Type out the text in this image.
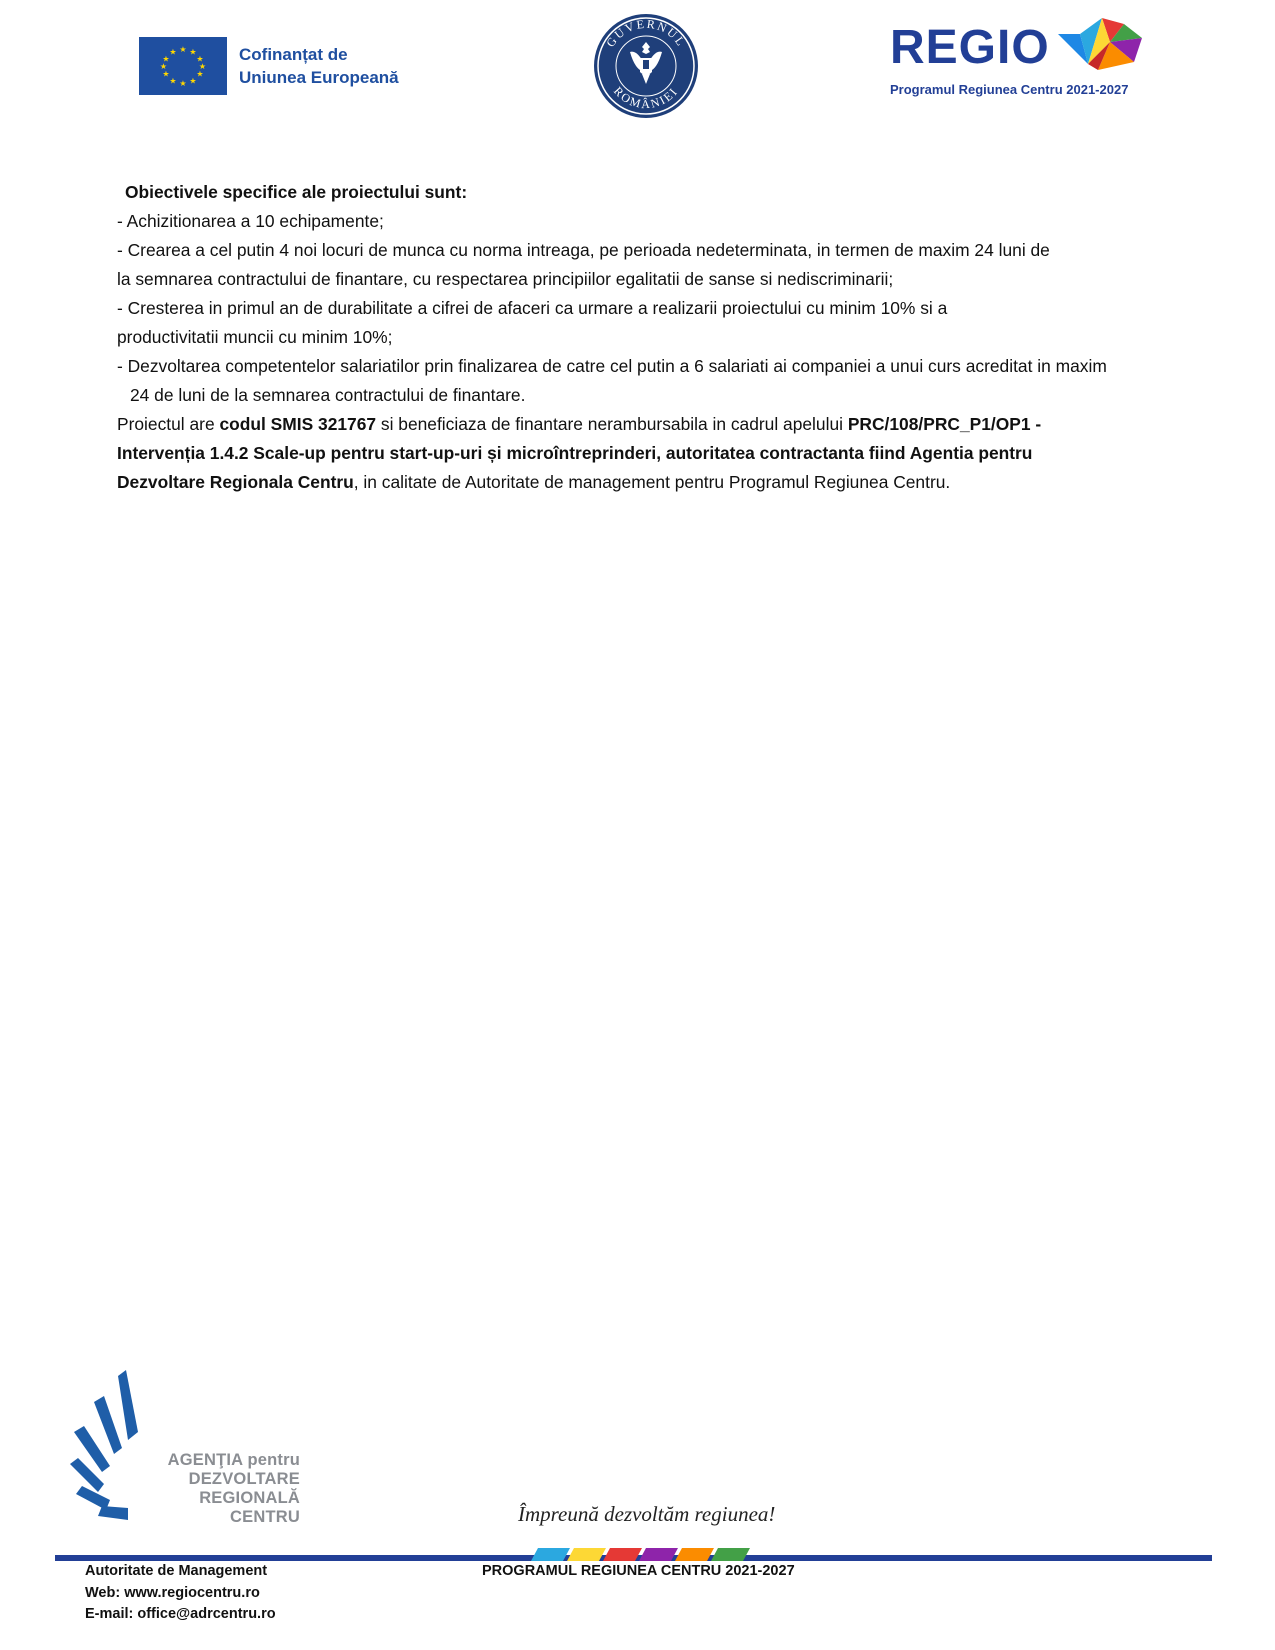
★ ★
★
★
★
★
★
★
★
★
★
★	Cofinanțat de
Uniunea Europeană
GUVERNUL
ROMÂNIEI
REGIO
Programul Regiunea Centru 2021-2027

Obiectivele specifice ale proiectului sunt:

- Achizitionarea a 10 echipamente;

- Crearea a cel putin 4 noi locuri de munca cu norma intreaga, pe perioada nedeterminata, in termen de maxim 24 luni de

la semnarea contractului de finantare, cu respectarea principiilor egalitatii de sanse si nediscriminarii;

- Cresterea in primul an de durabilitate a cifrei de afaceri ca urmare a realizarii proiectului cu minim 10% si a

productivitatii muncii cu minim 10%;

- Dezvoltarea competentelor salariatilor prin finalizarea de catre cel putin a 6 salariati ai companiei a unui curs acreditat in maxim

24 de luni de la semnarea contractului de finantare.

Proiectul are codul SMIS 321767 si beneficiaza de finantare nerambursabila in cadrul apelului PRC/108/PRC_P1/OP1 -
Intervenția 1.4.2 Scale-up pentru start-up-uri și microîntreprinderi, autoritatea contractanta fiind Agentia pentru
Dezvoltare Regionala Centru, in calitate de Autoritate de management pentru Programul Regiunea Centru.

AGENŢIA pentru
DEZVOLTARE
REGIONALĂ
CENTRU	Împreună dezvoltăm regiunea!
Autoritate de Management
Web: www.regiocentru.ro
E-mail: office@adrcentru.ro
PROGRAMUL REGIUNEA CENTRU 2021-2027
